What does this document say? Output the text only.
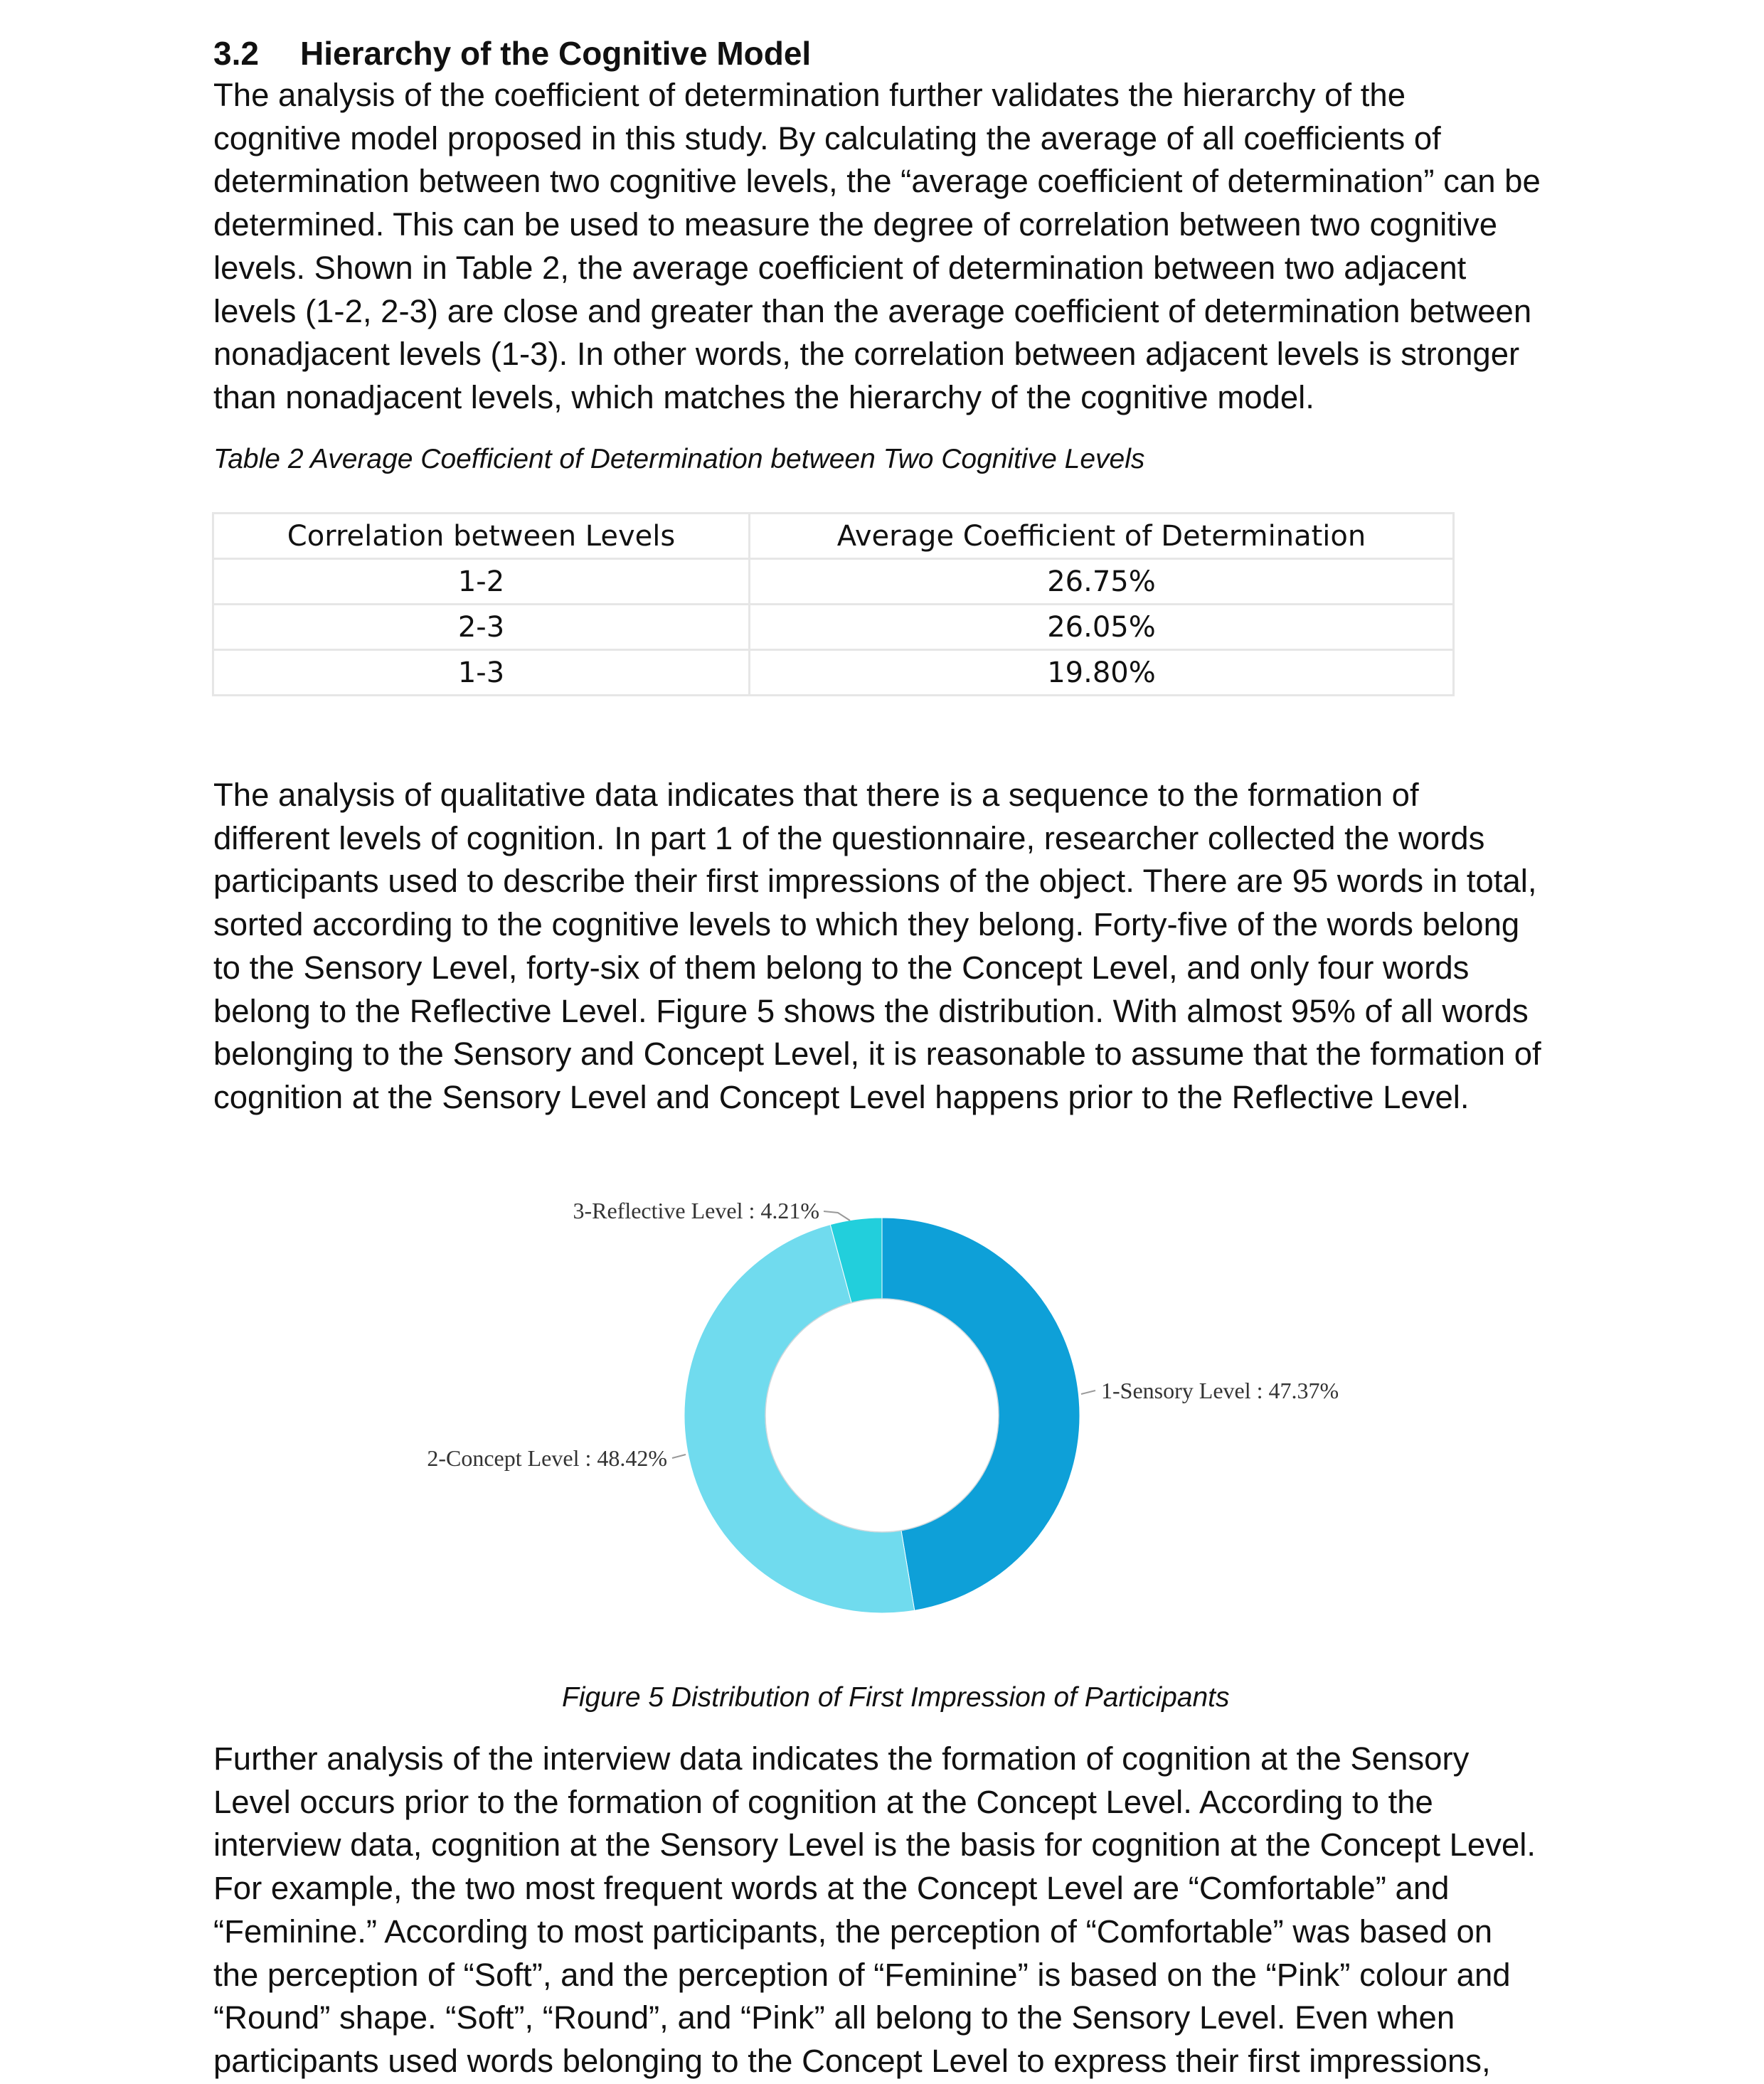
3.2 Hierarchy of the Cognitive Model

The analysis of the coefficient of determination further validates the hierarchy of the
cognitive model proposed in this study. By calculating the average of all coefficients of
determination between two cognitive levels, the “average coefficient of determination” can be
determined. This can be used to measure the degree of correlation between two cognitive
levels. Shown in Table 2, the average coefficient of determination between two adjacent
levels (1-2, 2-3) are close and greater than the average coefficient of determination between
nonadjacent levels (1-3). In other words, the correlation between adjacent levels is stronger
than nonadjacent levels, which matches the hierarchy of the cognitive model.

Table 2 Average Coefficient of Determination between Two Cognitive Levels
Correlation between Levels	Average Coefficient of Determination
1-2	26.75%
2-3	26.05%
1-3	19.80%

The analysis of qualitative data indicates that there is a sequence to the formation of
different levels of cognition. In part 1 of the questionnaire, researcher collected the words
participants used to describe their first impressions of the object. There are 95 words in total,
sorted according to the cognitive levels to which they belong. Forty-five of the words belong
to the Sensory Level, forty-six of them belong to the Concept Level, and only four words
belong to the Reflective Level. Figure 5 shows the distribution. With almost 95% of all words
belonging to the Sensory and Concept Level, it is reasonable to assume that the formation of
cognition at the Sensory Level and Concept Level happens prior to the Reflective Level.

1-Sensory Level : 47.37%
2-Concept Level : 48.42%
3-Reflective Level : 4.21%
Figure 5 Distribution of First Impression of Participants

Further analysis of the interview data indicates the formation of cognition at the Sensory
Level occurs prior to the formation of cognition at the Concept Level. According to the
interview data, cognition at the Sensory Level is the basis for cognition at the Concept Level.
For example, the two most frequent words at the Concept Level are “Comfortable” and
“Feminine.” According to most participants, the perception of “Comfortable” was based on
the perception of “Soft”, and the perception of “Feminine” is based on the “Pink” colour and
“Round” shape. “Soft”, “Round”, and “Pink” all belong to the Sensory Level. Even when
participants used words belonging to the Concept Level to express their first impressions,
